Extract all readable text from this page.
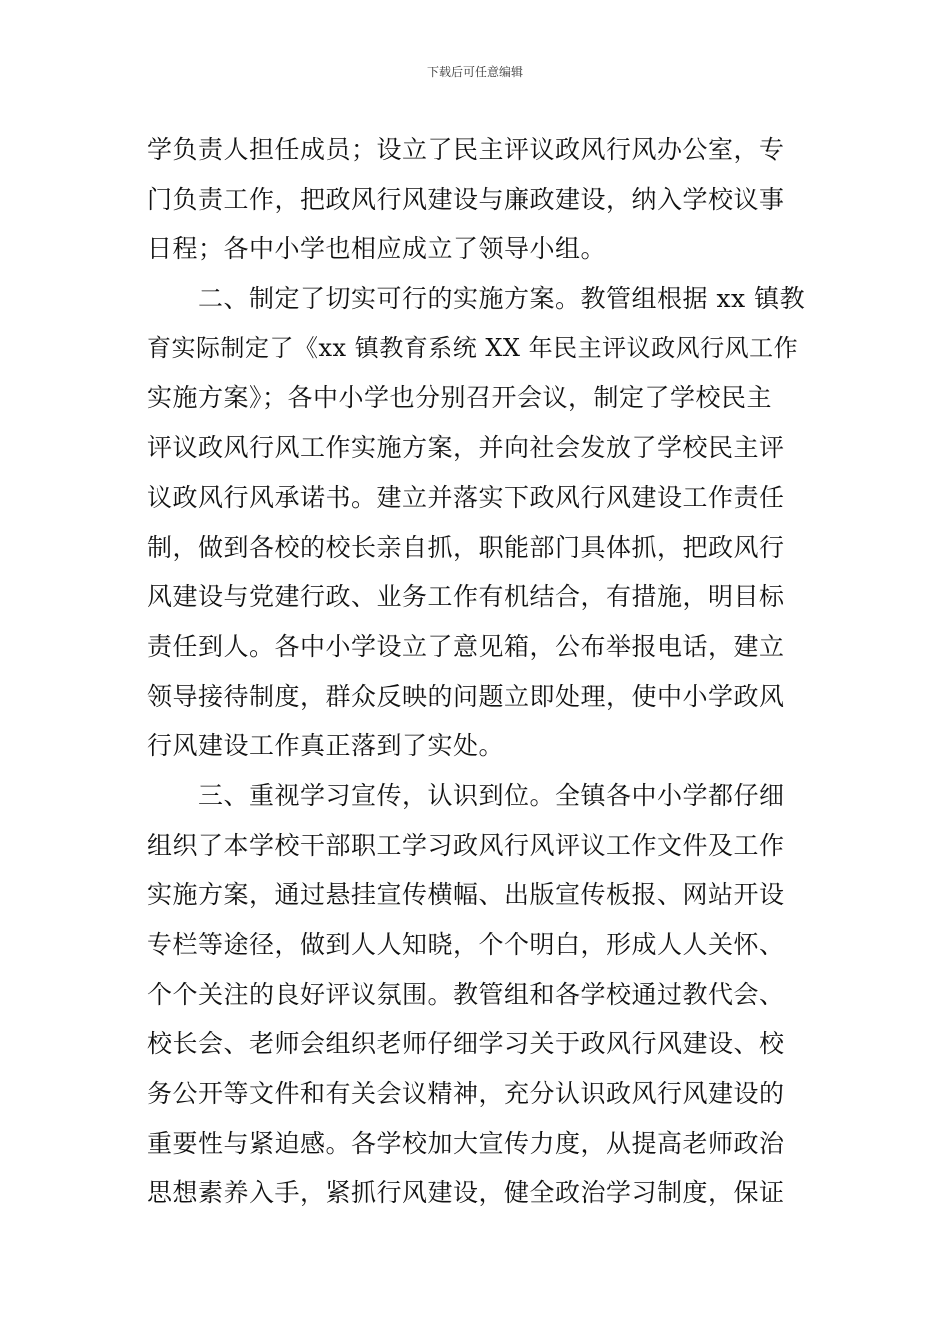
下载后可任意编辑
学负责人担任成员；设立了民主评议政风行风办公室，专
门负责工作，把政风行风建设与廉政建设，纳入学校议事
日程；各中小学也相应成立了领导小组。
　　二、制定了切实可行的实施方案。教管组根据 xx 镇教
育实际制定了《xx 镇教育系统 XX 年民主评议政风行风工作
实施方案》；各中小学也分别召开会议，制定了学校民主
评议政风行风工作实施方案，并向社会发放了学校民主评
议政风行风承诺书。建立并落实下政风行风建设工作责任
制，做到各校的校长亲自抓，职能部门具体抓，把政风行
风建设与党建行政、业务工作有机结合，有措施，明目标
责任到人。各中小学设立了意见箱，公布举报电话，建立
领导接待制度，群众反映的问题立即处理，使中小学政风
行风建设工作真正落到了实处。
　　三、重视学习宣传，认识到位。全镇各中小学都仔细
组织了本学校干部职工学习政风行风评议工作文件及工作
实施方案，通过悬挂宣传横幅、出版宣传板报、网站开设
专栏等途径，做到人人知晓，个个明白，形成人人关怀、
个个关注的良好评议氛围。教管组和各学校通过教代会、
校长会、老师会组织老师仔细学习关于政风行风建设、校
务公开等文件和有关会议精神，充分认识政风行风建设的
重要性与紧迫感。各学校加大宣传力度，从提高老师政治
思想素养入手，紧抓行风建设，健全政治学习制度，保证
